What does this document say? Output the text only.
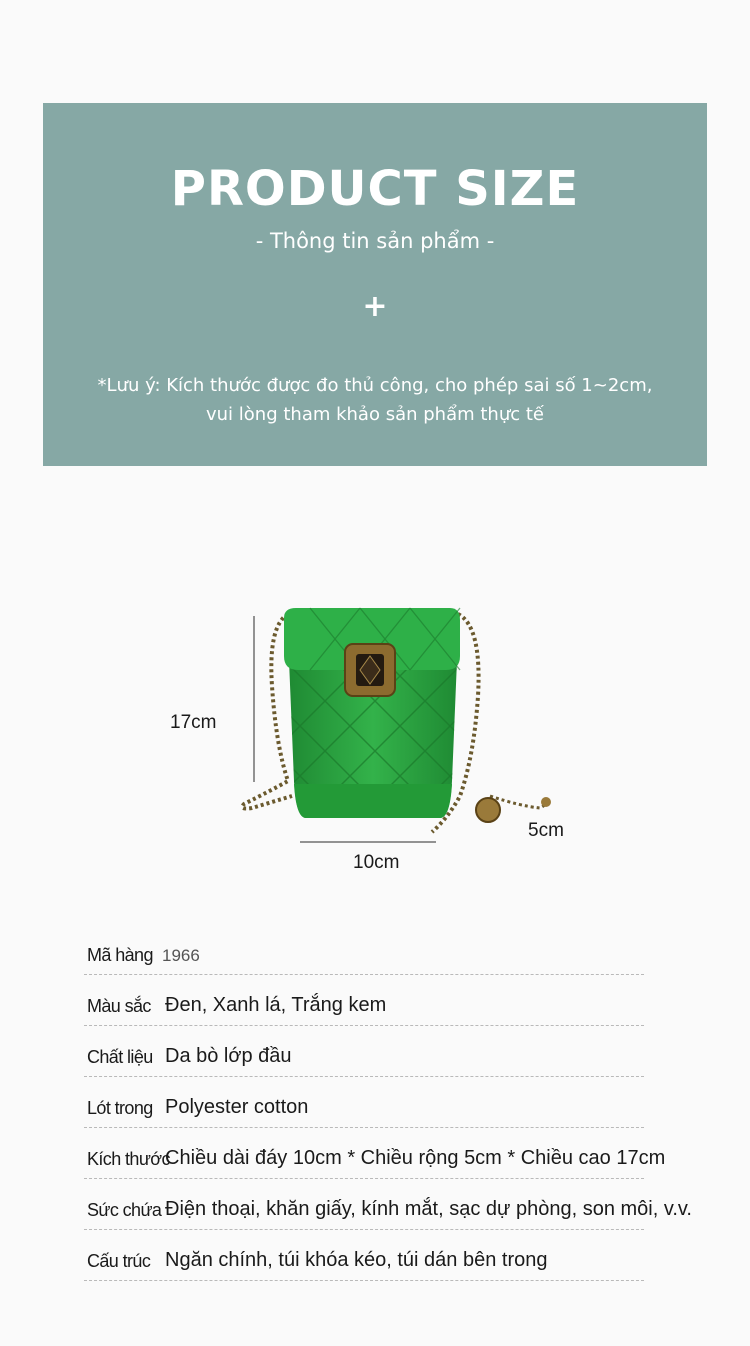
PRODUCT SIZE
- Thông tin sản phẩm -
+
*Lưu ý: Kích thước được đo thủ công, cho phép sai số 1~2cm,
vui lòng tham khảo sản phẩm thực tế
17cm
10cm
5cm
Mã hàng 1966
Màu sắc Đen, Xanh lá, Trắng kem
Chất liệu Da bò lớp đầu
Lót trong Polyester cotton
Kích thước
Chiều dài đáy 10cm * Chiều rộng 5cm * Chiều cao 17cm
Sức chứa Điện thoại, khăn giấy, kính mắt, sạc dự phòng, son môi, v.v.
Cấu trúc Ngăn chính, túi khóa kéo, túi dán bên trong
